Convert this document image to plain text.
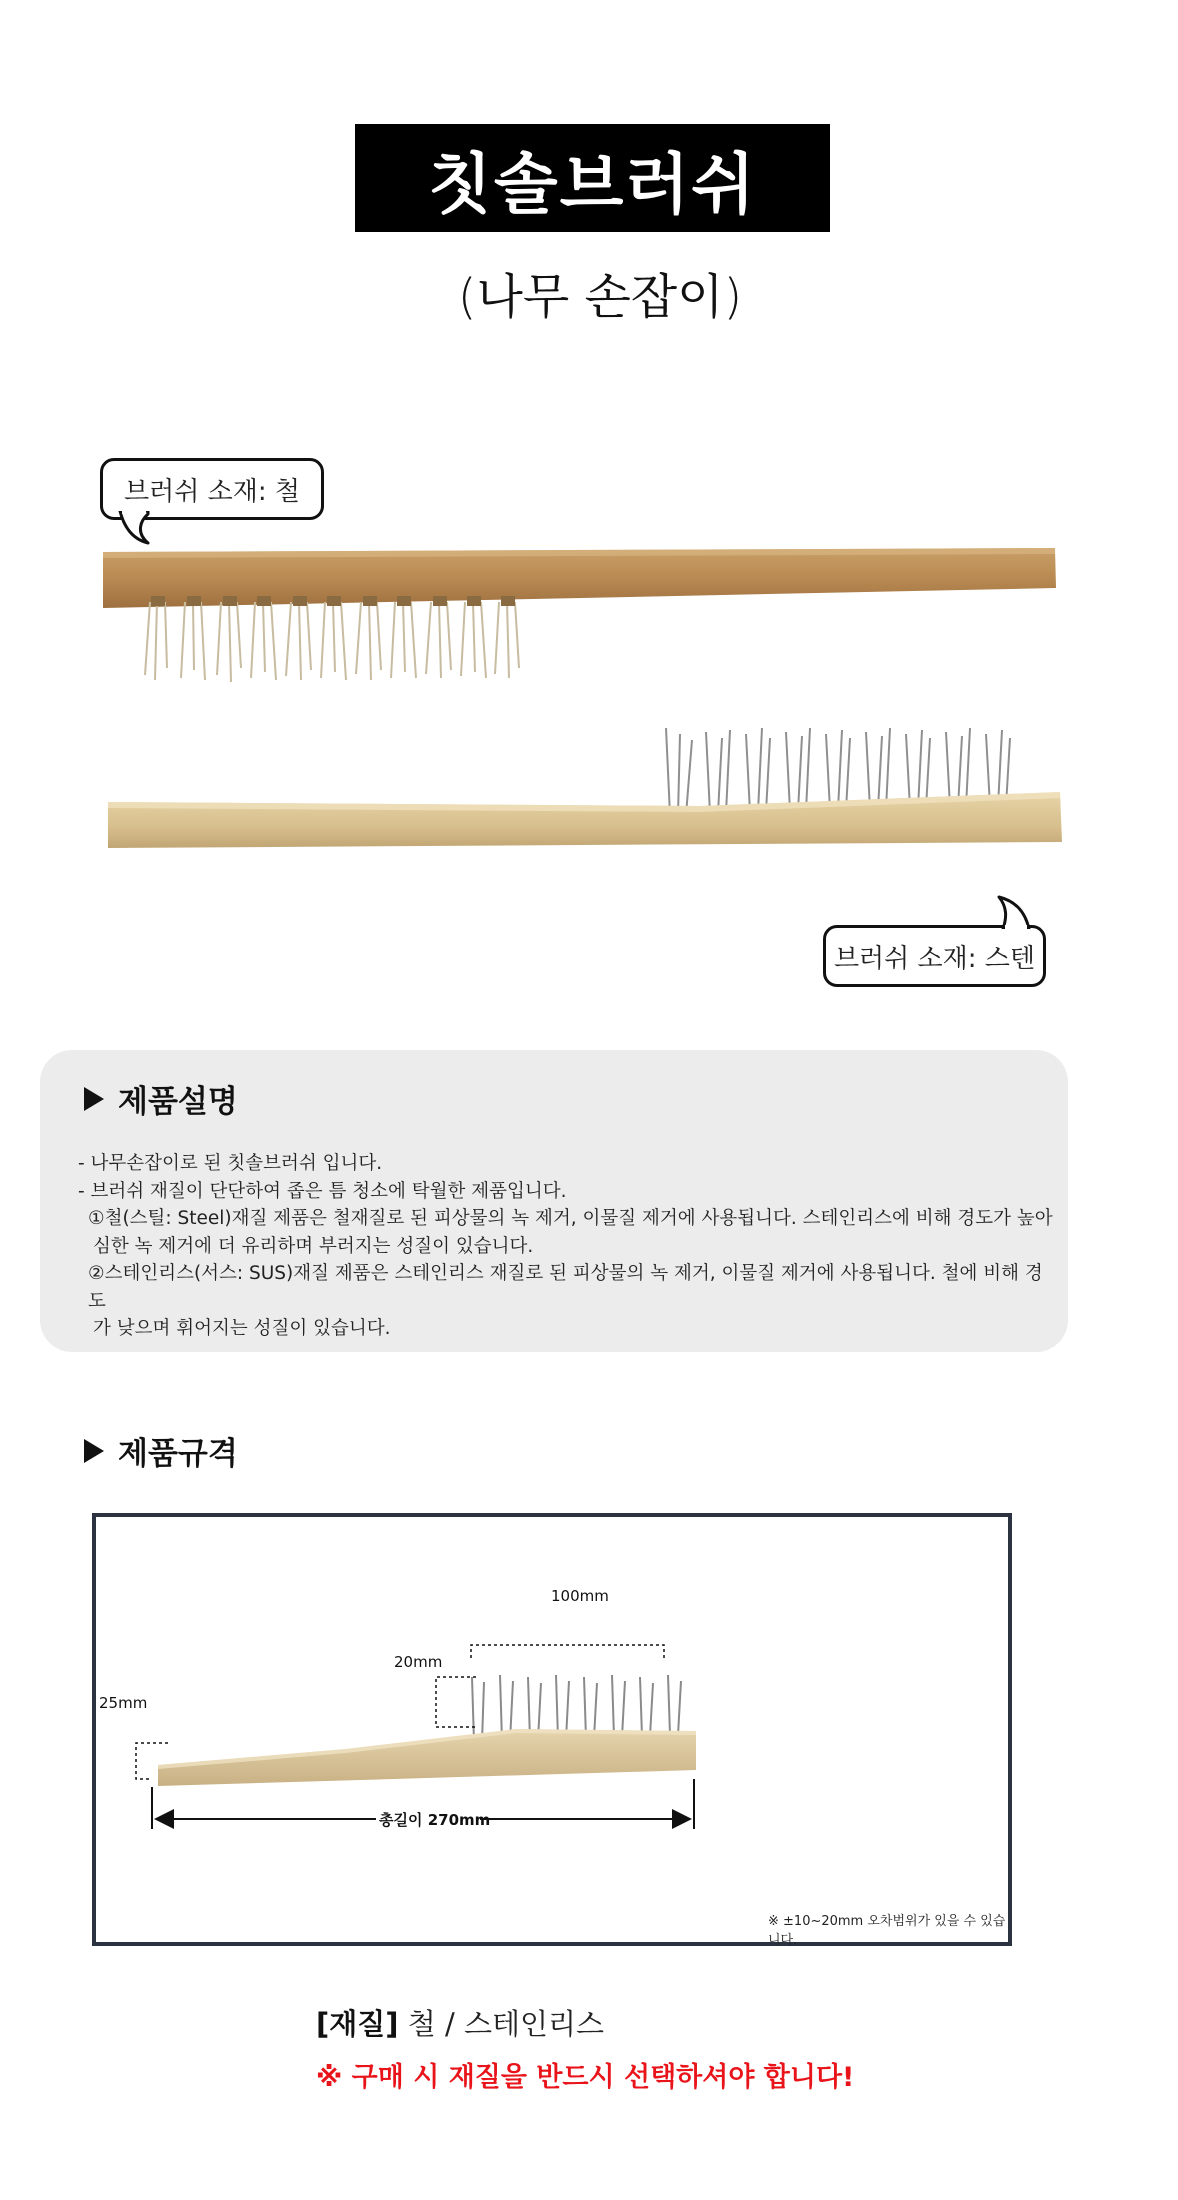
칫솔브러쉬
(나무 손잡이)
브러쉬 소재: 철
브러쉬 소재: 스텐
제품설명
- 나무손잡이로 된 칫솔브러쉬 입니다.
- 브러쉬 재질이 단단하여 좁은 틈 청소에 탁월한 제품입니다.
①철(스틸: Steel)재질 제품은 철재질로 된 피상물의 녹 제거, 이물질 제거에 사용됩니다. 스테인리스에 비해 경도가 높아
심한 녹 제거에 더 유리하며 부러지는 성질이 있습니다.
②스테인리스(서스: SUS)재질 제품은 스테인리스 재질로 된 피상물의 녹 제거, 이물질 제거에 사용됩니다. 철에 비해 경도
가 낮으며 휘어지는 성질이 있습니다.
제품규격
100mm
20mm
25mm
총길이 270mm
※ ±10~20mm 오차범위가 있을 수 있습니다.
[재질] 철 / 스테인리스
※ 구매 시 재질을 반드시 선택하셔야 합니다!
